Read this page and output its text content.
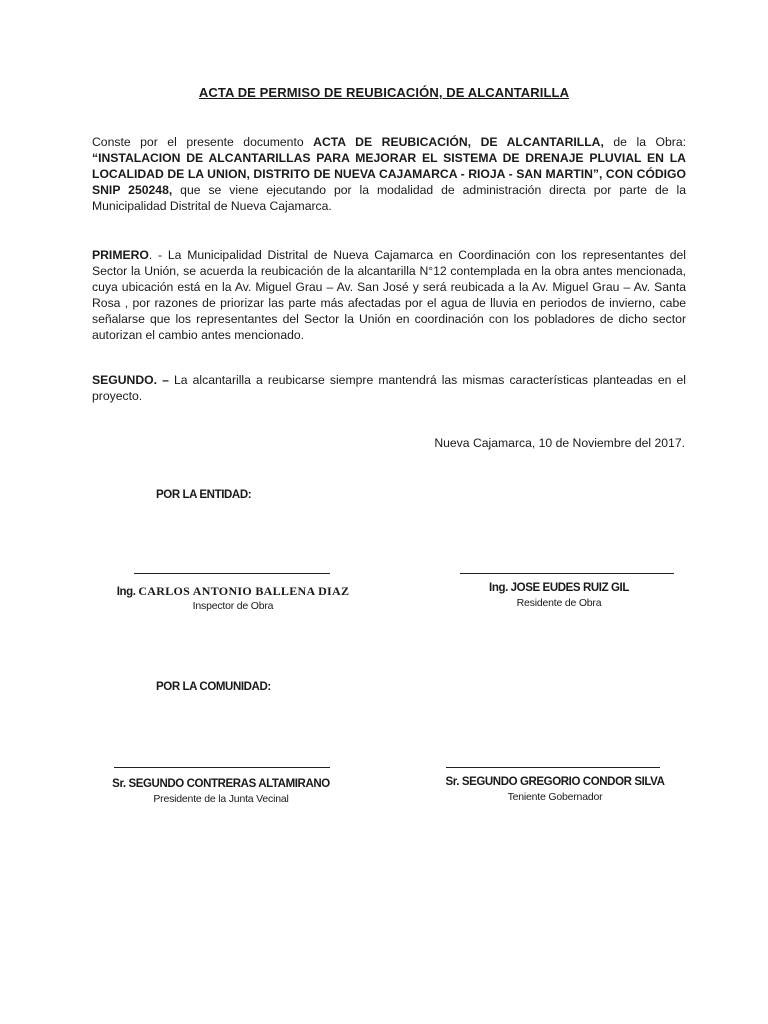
ACTA DE PERMISO DE REUBICACIÓN, DE ALCANTARILLA
Conste por el presente documento ACTA DE REUBICACIÓN, DE ALCANTARILLA, de la Obra: “INSTALACION DE ALCANTARILLAS PARA MEJORAR EL SISTEMA DE DRENAJE PLUVIAL EN LA LOCALIDAD DE LA UNION, DISTRITO DE NUEVA CAJAMARCA - RIOJA - SAN MARTIN”, CON CÓDIGO SNIP 250248, que se viene ejecutando por la modalidad de administración directa por parte de la Municipalidad Distrital de Nueva Cajamarca.
PRIMERO. - La Municipalidad Distrital de Nueva Cajamarca en Coordinación con los representantes del Sector la Unión, se acuerda la reubicación de la alcantarilla N°12 contemplada en la obra antes mencionada, cuya ubicación está en la Av. Miguel Grau – Av. San José y será reubicada a la Av. Miguel Grau – Av. Santa Rosa , por razones de priorizar las parte más afectadas por el agua de lluvia en periodos de invierno, cabe señalarse que los representantes del Sector la Unión en coordinación con los pobladores de dicho sector autorizan el cambio antes mencionado.
SEGUNDO. – La alcantarilla a reubicarse siempre mantendrá las mismas características planteadas en el proyecto.
Nueva Cajamarca, 10 de Noviembre del 2017.
POR LA ENTIDAD:
Ing. CARLOS ANTONIO BALLENA DIAZ
Inspector de Obra
Ing. JOSE EUDES RUIZ GIL
Residente de Obra
POR LA COMUNIDAD:
Sr. SEGUNDO CONTRERAS ALTAMIRANO
Presidente de la Junta Vecinal
Sr. SEGUNDO GREGORIO CONDOR SILVA
Teniente Gobernador
